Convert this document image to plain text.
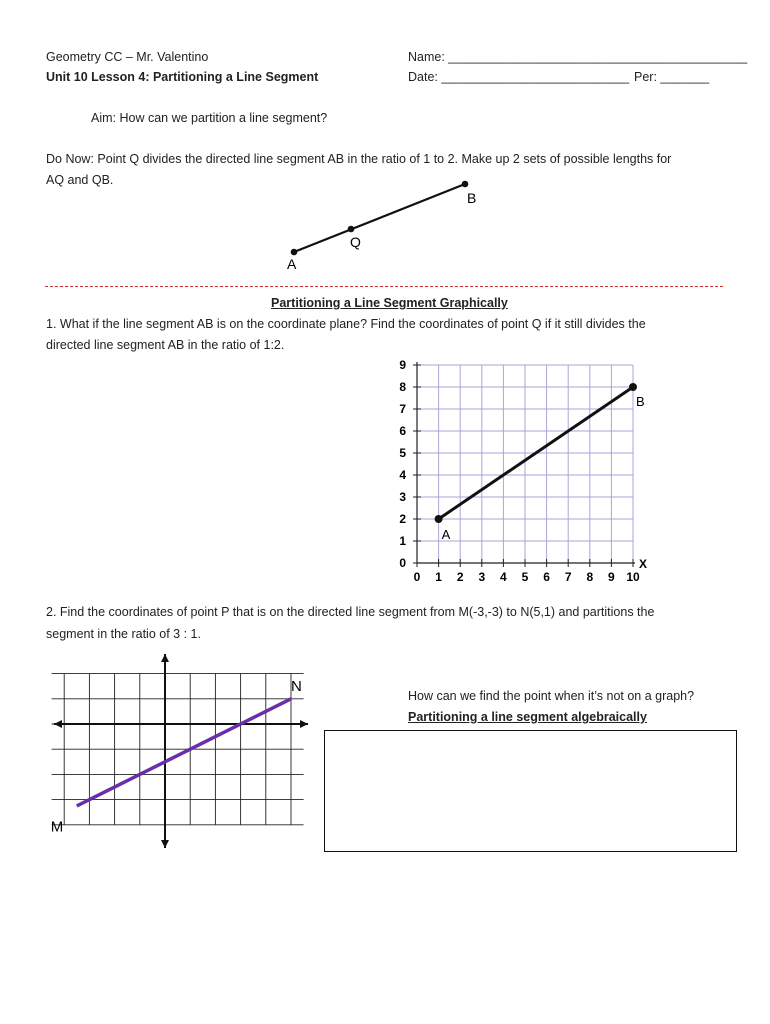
Geometry CC – Mr. Valentino
Unit 10 Lesson 4: Partitioning a Line Segment
Name: ___________________________________________
Date: ___________________________ Per: _______
Aim: How can we partition a line segment?
Do Now: Point Q divides the directed line segment AB in the ratio of 1 to 2. Make up 2 sets of possible lengths for
AQ and QB.
A
Q
B
Partitioning a Line Segment Graphically
1. What if the line segment AB is on the coordinate plane? Find the coordinates of point Q if it still divides the
directed line segment AB in the ratio of 1:2.
0 1 2 3 4 5 6 7 8 9 10
0
1
2
3
4
5
6
7
8
9
X
A
B
2. Find the coordinates of point P that is on the directed line segment from M(-3,-3) to N(5,1) and partitions the
segment in the ratio of 3 : 1.
M
N
How can we find the point when it’s not on a graph?
Partitioning a line segment algebraically
